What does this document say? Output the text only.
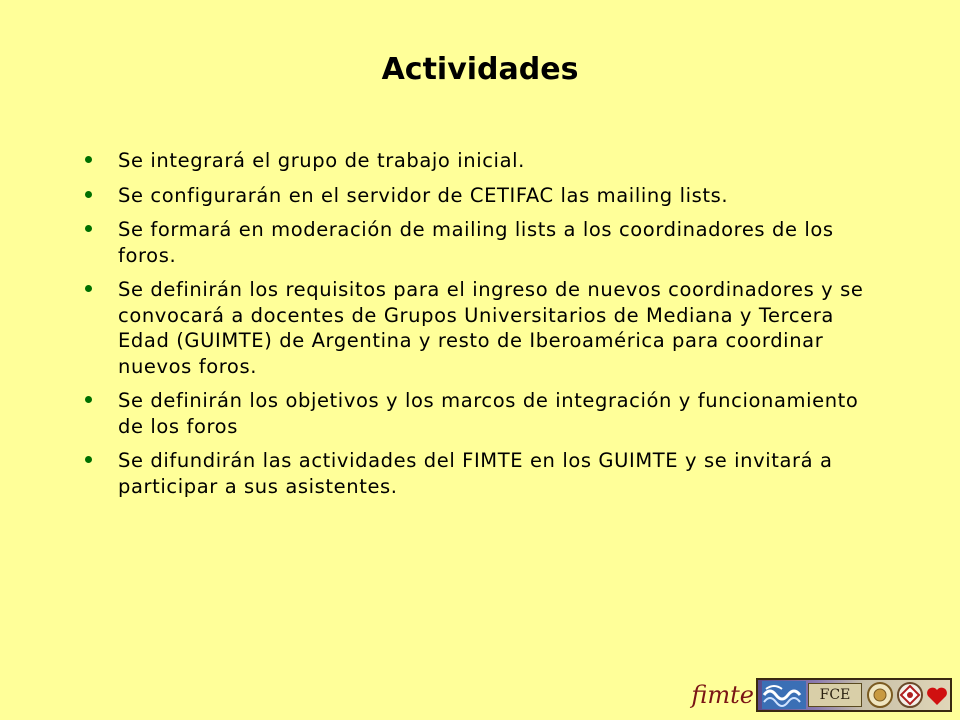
Actividades
Se integrará el grupo de trabajo inicial.
Se configurarán en el servidor de CETIFAC las mailing lists.
Se formará en moderación de mailing lists a los coordinadores de los foros.
Se definirán los requisitos para el ingreso de nuevos coordinadores y se convocará a docentes de Grupos Universitarios de Mediana y Tercera Edad (GUIMTE) de Argentina y resto de Iberoamérica para coordinar nuevos foros.
Se definirán los objetivos y los marcos de integración y funcionamiento de los foros
Se difundirán las actividades del FIMTE en los GUIMTE y se invitará a participar a sus asistentes.
fimte	FCE
